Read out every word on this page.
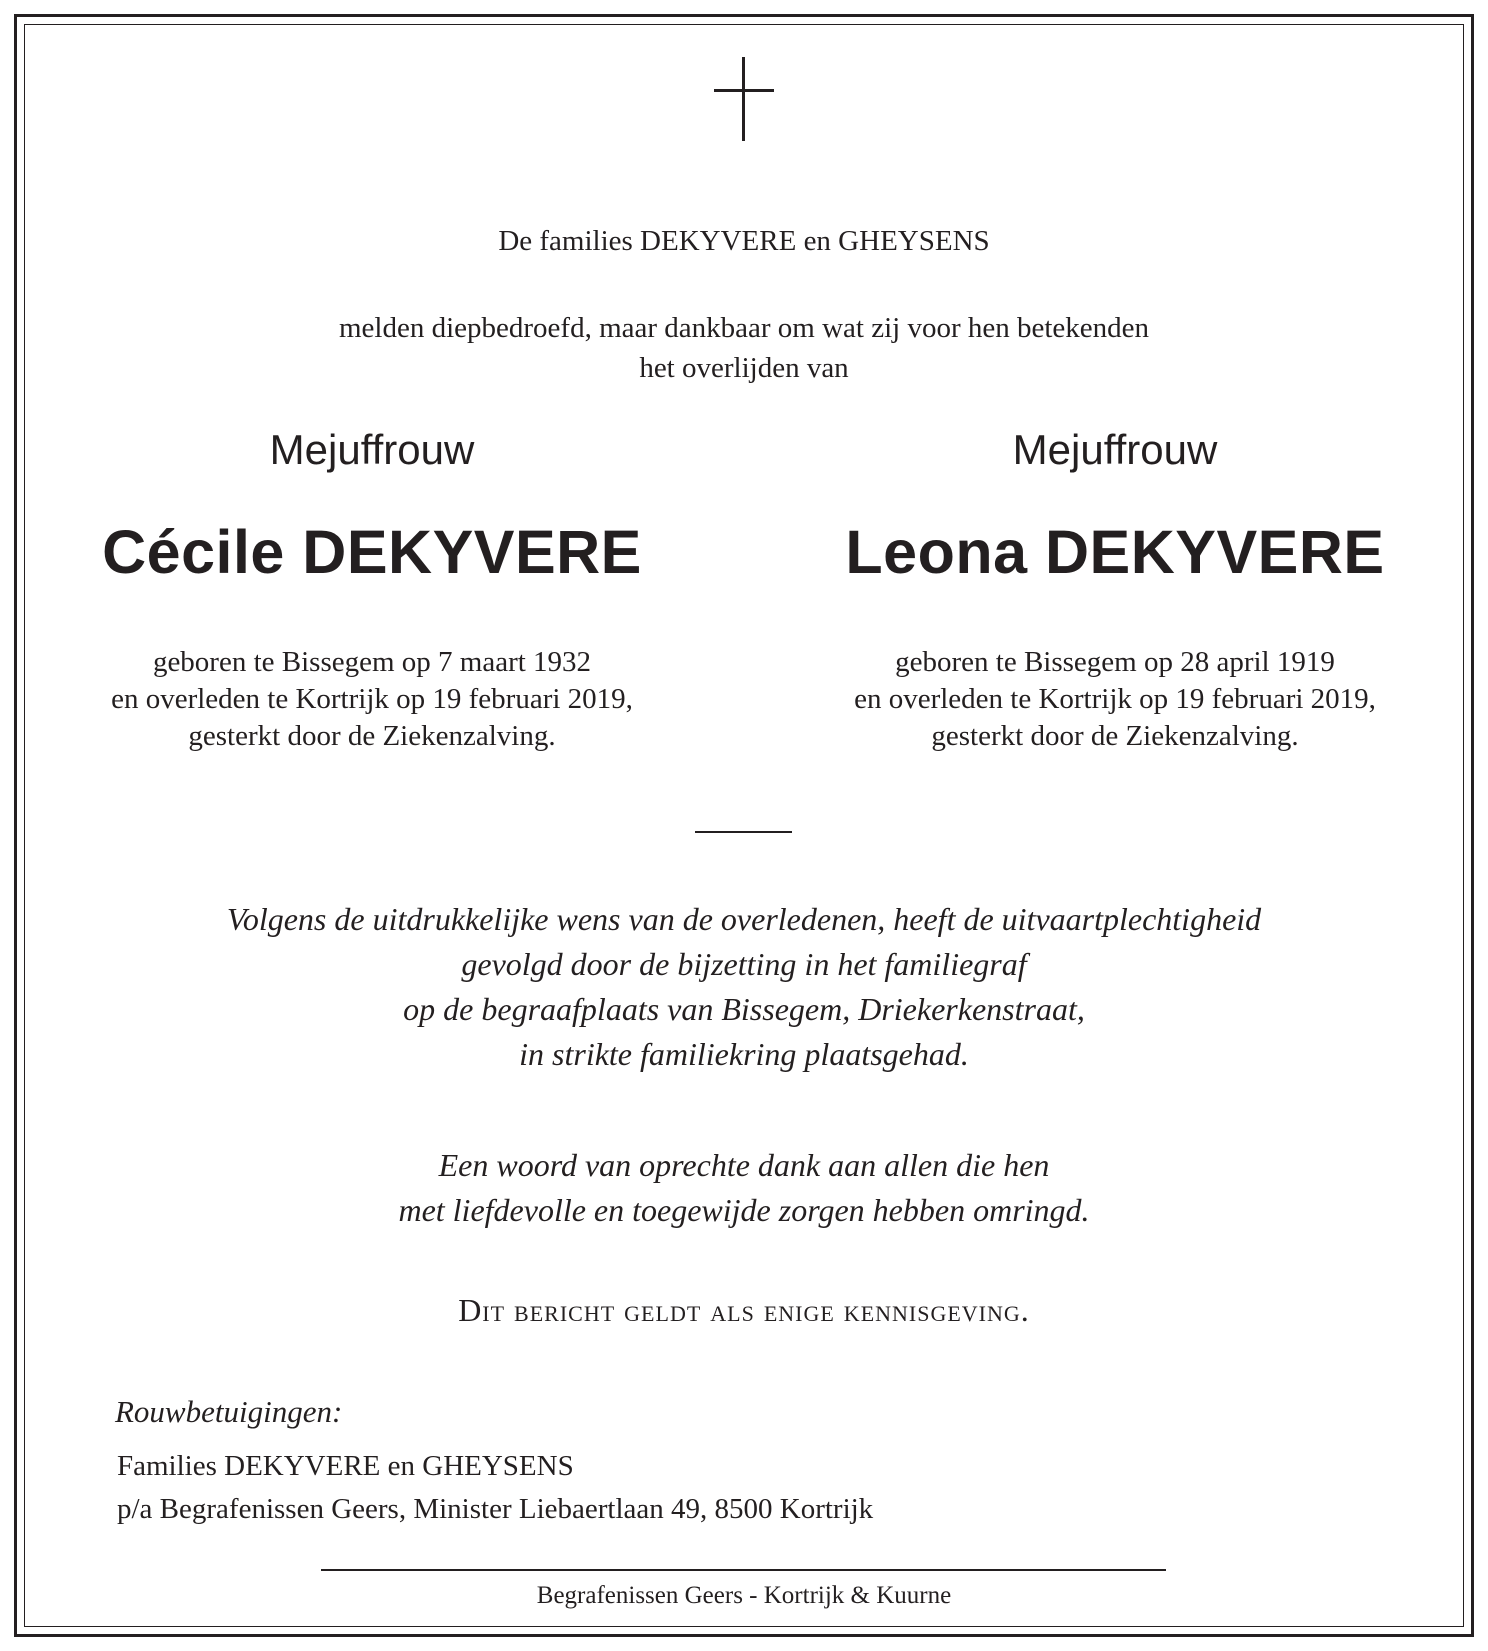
De families DEKYVERE en GHEYSENS
melden diepbedroefd, maar dankbaar om wat zij voor hen betekenden
het overlijden van
Mejuffrouw
Cécile DEKYVERE
geboren te Bissegem op 7 maart 1932
en overleden te Kortrijk op 19 februari 2019,
gesterkt door de Ziekenzalving.
Mejuffrouw
Leona DEKYVERE
geboren te Bissegem op 28 april 1919
en overleden te Kortrijk op 19 februari 2019,
gesterkt door de Ziekenzalving.
Volgens de uitdrukkelijke wens van de overledenen, heeft de uitvaartplechtigheid
gevolgd door de bijzetting in het familiegraf
op de begraafplaats van Bissegem, Driekerkenstraat,
in strikte familiekring plaatsgehad.
Een woord van oprechte dank aan allen die hen
met liefdevolle en toegewijde zorgen hebben omringd.
Dit bericht geldt als enige kennisgeving.
Rouwbetuigingen:
Families DEKYVERE en GHEYSENS
p/a Begrafenissen Geers, Minister Liebaertlaan 49, 8500 Kortrijk
Begrafenissen Geers - Kortrijk & Kuurne
